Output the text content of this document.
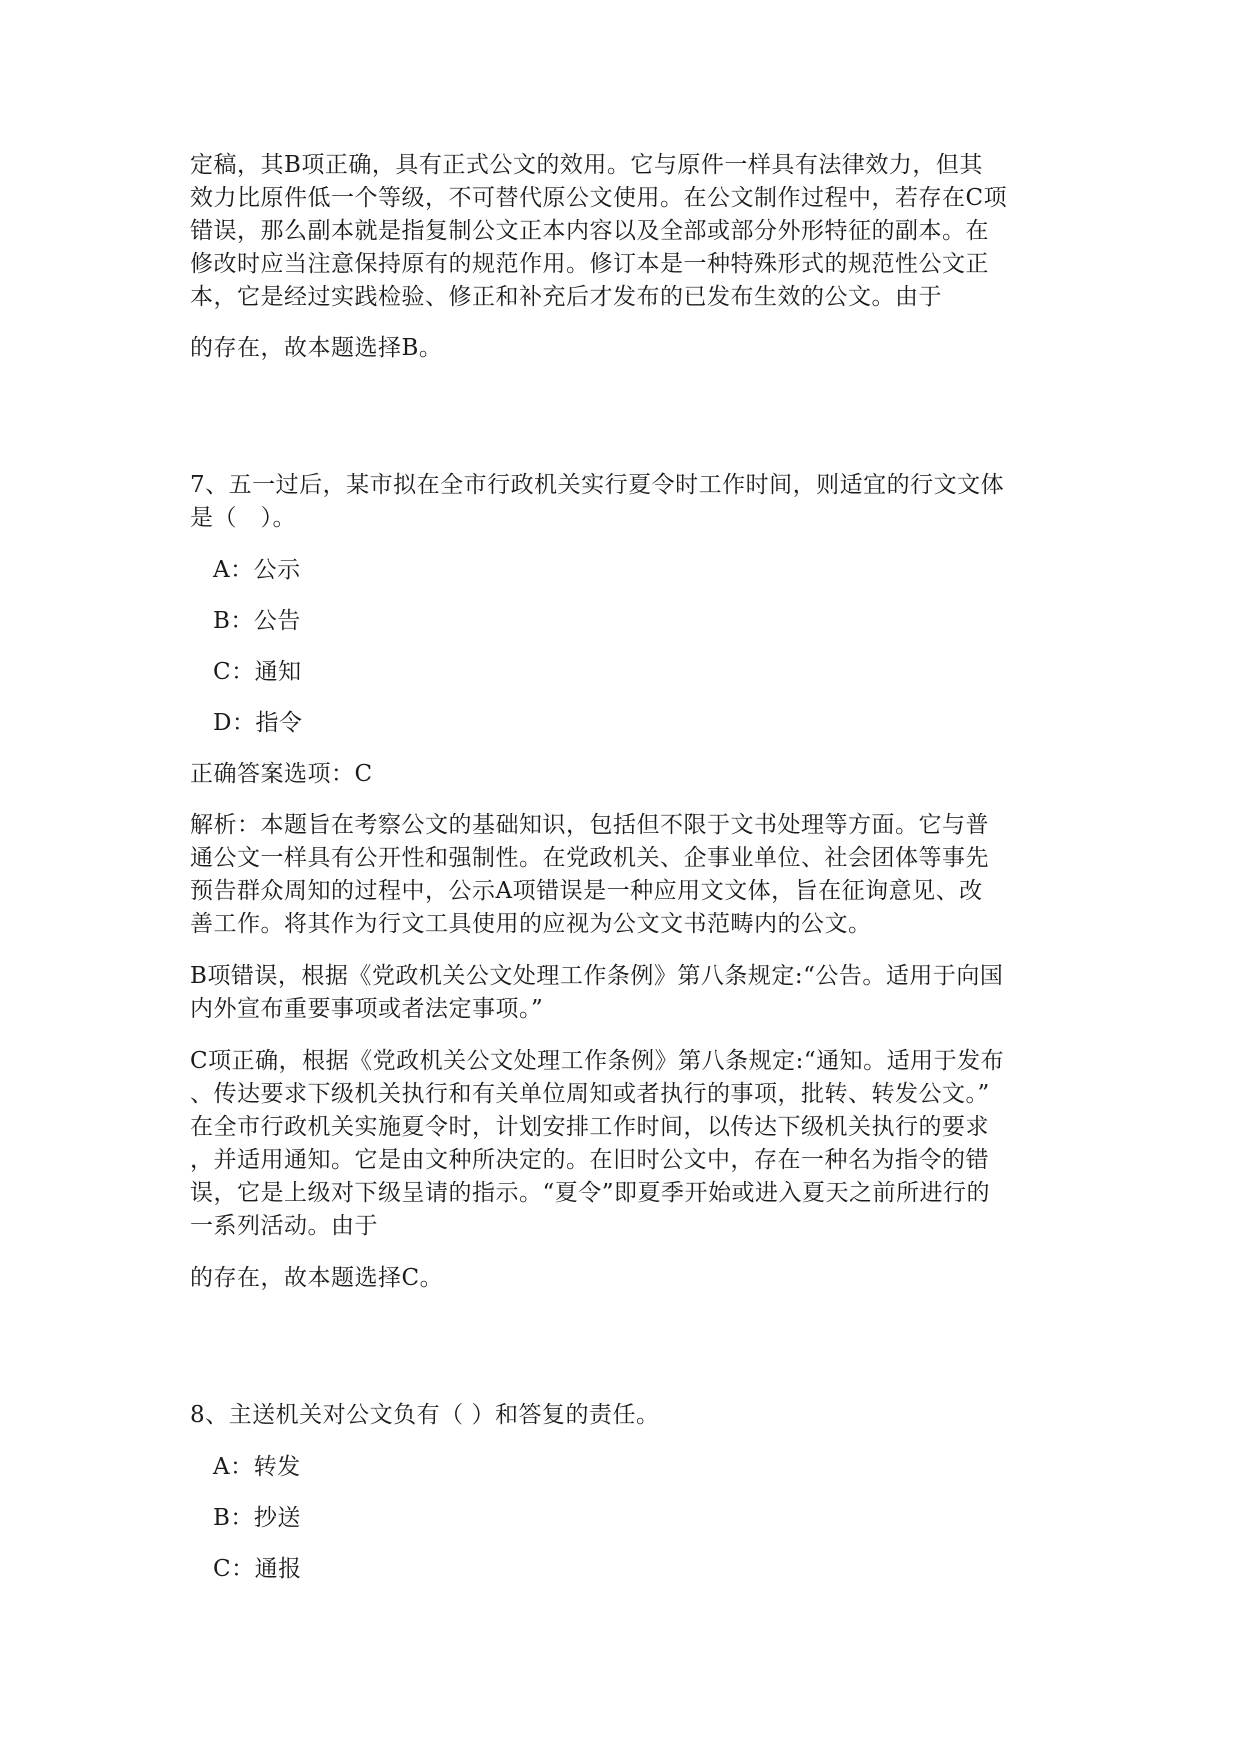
定稿，其B项正确，具有正式公文的效用。它与原件一样具有法律效力，但其
效力比原件低一个等级，不可替代原公文使用。在公文制作过程中，若存在C项
错误，那么副本就是指复制公文正本内容以及全部或部分外形特征的副本。在
修改时应当注意保持原有的规范作用。修订本是一种特殊形式的规范性公文正
本，它是经过实践检验、修正和补充后才发布的已发布生效的公文。由于
的存在，故本题选择B。
7、五一过后，某市拟在全市行政机关实行夏令时工作时间，则适宜的行文文体
是（　）。
A：公示
B：公告
C：通知
D：指令
正确答案选项：C
解析：本题旨在考察公文的基础知识，包括但不限于文书处理等方面。它与普
通公文一样具有公开性和强制性。在党政机关、企事业单位、社会团体等事先
预告群众周知的过程中，公示A项错误是一种应用文文体，旨在征询意见、改
善工作。将其作为行文工具使用的应视为公文文书范畴内的公文。
B项错误，根据《党政机关公文处理工作条例》第八条规定:“公告。适用于向国
内外宣布重要事项或者法定事项。”
C项正确，根据《党政机关公文处理工作条例》第八条规定:“通知。适用于发布
、传达要求下级机关执行和有关单位周知或者执行的事项，批转、转发公文。”
在全市行政机关实施夏令时，计划安排工作时间，以传达下级机关执行的要求
，并适用通知。它是由文种所决定的。在旧时公文中，存在一种名为指令的错
误，它是上级对下级呈请的指示。“夏令”即夏季开始或进入夏天之前所进行的
一系列活动。由于
的存在，故本题选择C。
8、主送机关对公文负有（ ）和答复的责任。
A：转发
B：抄送
C：通报
